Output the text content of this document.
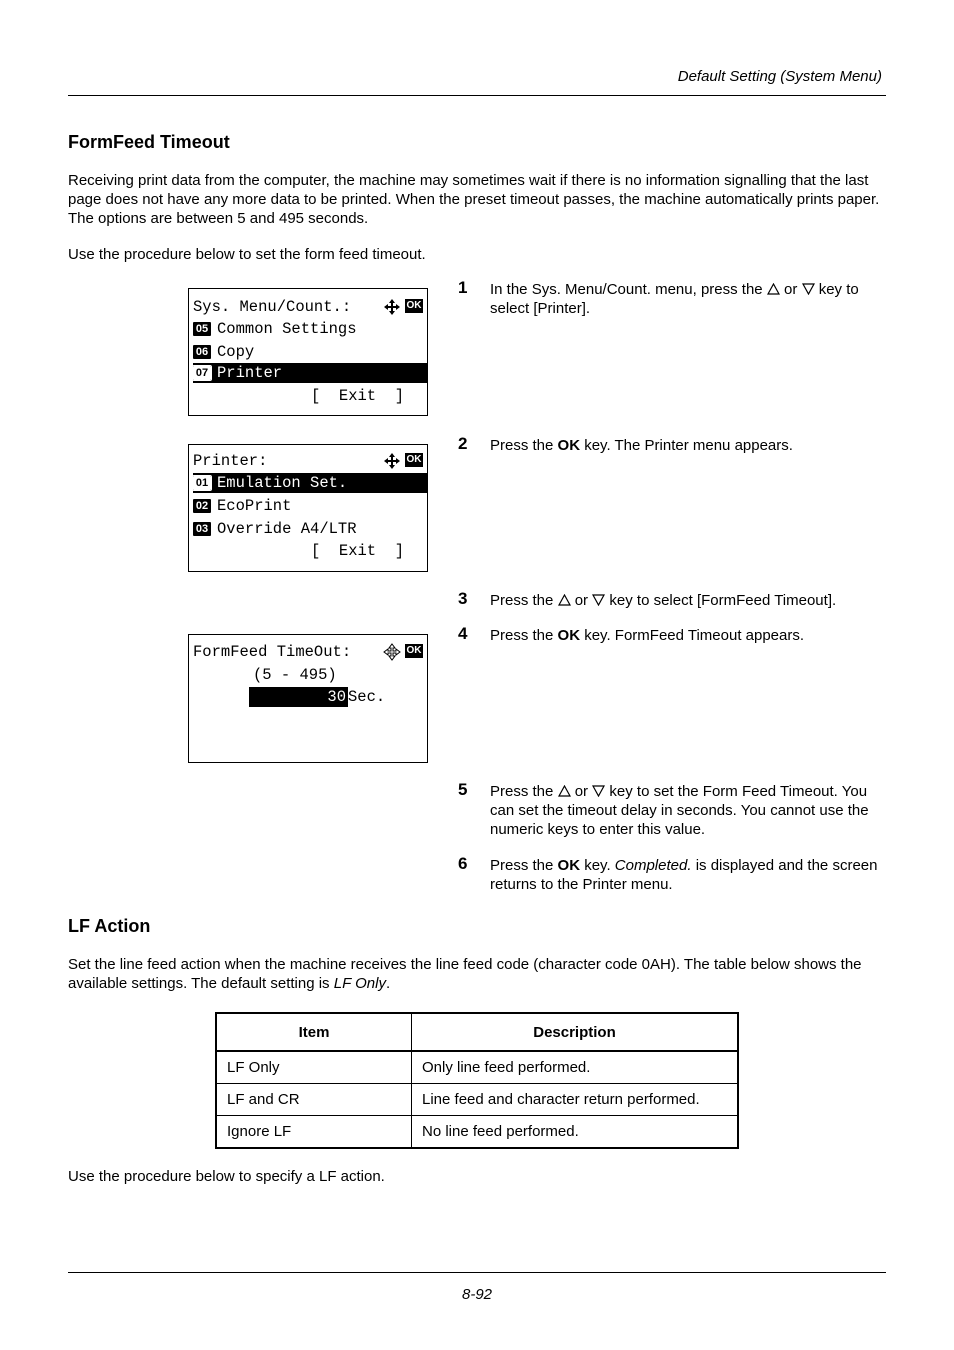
Default Setting (System Menu)
FormFeed Timeout
Receiving print data from the computer, the machine may sometimes wait if there is no information signalling that the last page does not have any more data to be printed. When the preset timeout passes, the machine automatically prints paper. The options are between 5 and 495 seconds.
Use the procedure below to set the form feed timeout.
Sys. Menu/Count.:	OK
05 Common Settings
06 Copy
07 Printer
[  Exit  ]
Printer:	OK
01 Emulation Set.
02 EcoPrint
03 Override A4/LTR
[  Exit  ]
FormFeed TimeOut:	OK
(5 - 495)
30 Sec.
1 In the Sys. Menu/Count. menu, press the or key to select [Printer].
2 Press the OK key. The Printer menu appears.
3 Press the or key to select [FormFeed Timeout].
4 Press the OK key. FormFeed Timeout appears.
5 Press the or key to set the Form Feed Timeout. You can set the timeout delay in seconds. You cannot use the numeric keys to enter this value.
6 Press the OK key. Completed. is displayed and the screen returns to the Printer menu.
LF Action
Set the line feed action when the machine receives the line feed code (character code 0AH). The table below shows the available settings. The default setting is LF Only.
Item	Description
LF Only	Only line feed performed.
LF and CR	Line feed and character return performed.
Ignore LF	No line feed performed.
Use the procedure below to specify a LF action.
8-92
